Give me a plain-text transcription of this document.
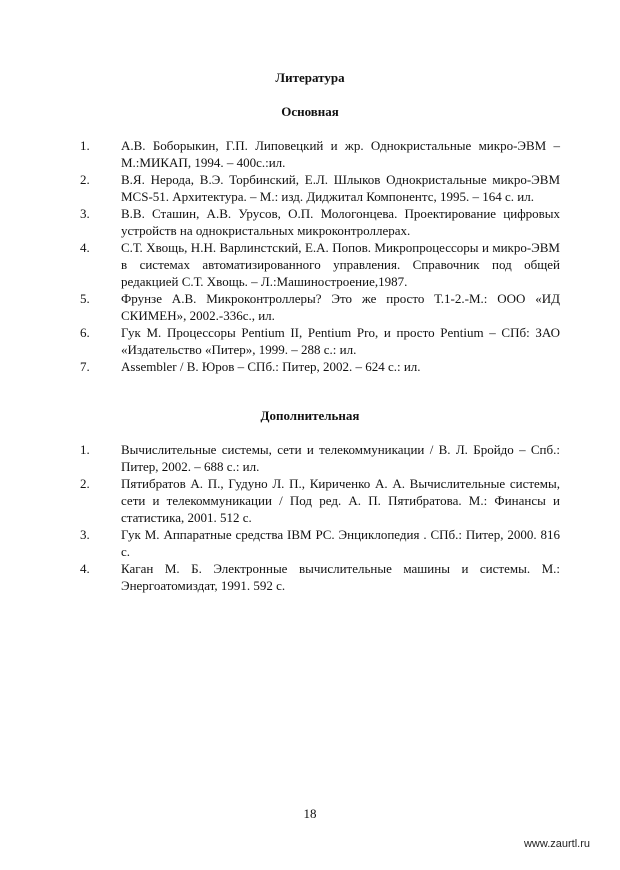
Литература
Основная
1.	А.В. Боборыкин, Г.П. Липовецкий и жр. Однокристальные микро-ЭВМ – М.:МИКАП, 1994. – 400с.:ил.
2.	В.Я. Нерода, В.Э. Торбинский, Е.Л. Шлыков Однокристальные микро-ЭВМ MCS-51. Архитектура. – М.: изд. Диджитал Компонентс, 1995. – 164 с. ил.
3.	В.В. Сташин, А.В. Урусов, О.П. Мологонцева. Проектирование цифровых устройств на однокристальных микроконтроллерах.
4.	С.Т. Хвощь, Н.Н. Варлинстский, Е.А. Попов. Микропроцессоры и микро-ЭВМ в системах автоматизированного управления. Справочник под общей редакцией С.Т. Хвощь. – Л.:Машиностроение,1987.
5.	Фрунзе А.В. Микроконтроллеры? Это же просто Т.1-2.-М.: ООО «ИД СКИМЕН», 2002.-336с., ил.
6.	Гук М. Процессоры Pentium II, Pentium Pro, и просто Pentium – СПб: ЗАО «Издательство «Питер», 1999. – 288 с.: ил.
7.	Assembler / В. Юров – СПб.: Питер, 2002. – 624 с.: ил.
Дополнительная
1.	Вычислительные системы, сети и телекоммуникации / В. Л. Бройдо – Спб.: Питер, 2002. – 688 с.: ил.
2.	Пятибратов А. П., Гудуно Л. П., Кириченко А. А. Вычислительные системы, сети и телекоммуникации / Под ред. А. П. Пятибратова. М.: Финансы и статистика, 2001. 512 с.
3.	Гук М. Аппаратные средства IBM PC. Энциклопедия . СПб.: Питер, 2000. 816 с.
4.	Каган М. Б. Электронные вычислительные машины и системы. М.: Энергоатомиздат, 1991. 592 с.
18
www.zaurtl.ru
